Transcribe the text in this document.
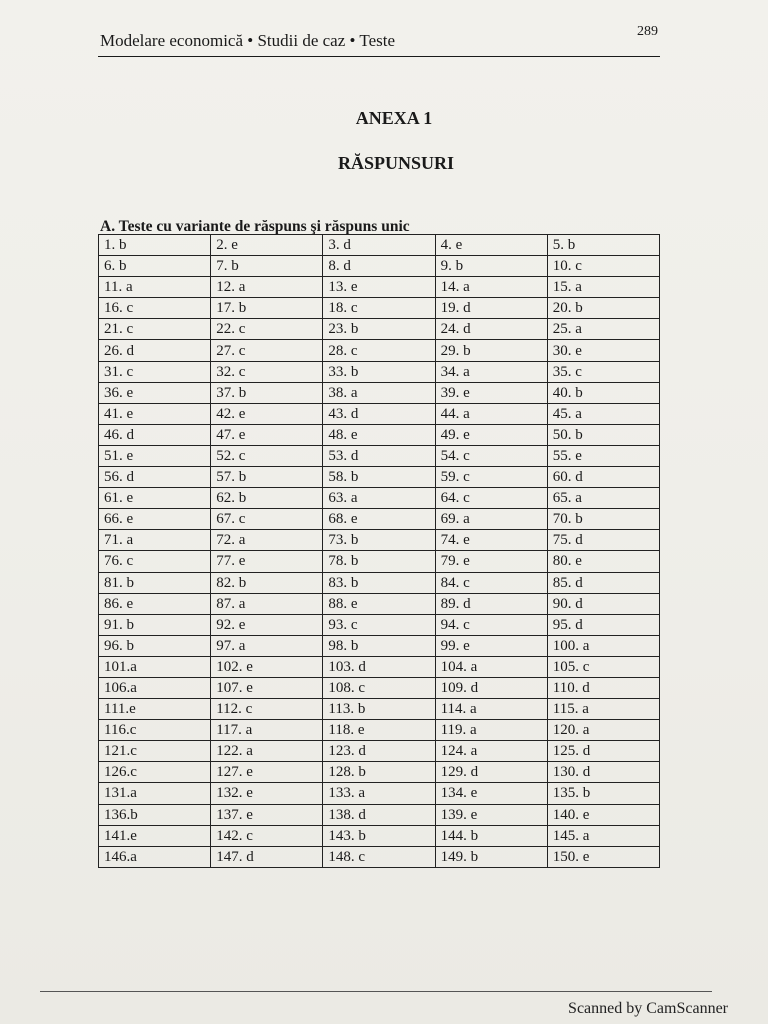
Modelare economică • Studii de caz • Teste	289
ANEXA 1
RĂSPUNSURI
A. Teste cu variante de răspuns şi răspuns unic
1. b	2. e	3. d	4. e	5. b
6. b	7. b	8. d	9. b	10. c
11. a	12. a	13. e	14. a	15. a
16. c	17. b	18. c	19. d	20. b
21. c	22. c	23. b	24. d	25. a
26. d	27. c	28. c	29. b	30. e
31. c	32. c	33. b	34. a	35. c
36. e	37. b	38. a	39. e	40. b
41. e	42. e	43. d	44. a	45. a
46. d	47. e	48. e	49. e	50. b
51. e	52. c	53. d	54. c	55. e
56. d	57. b	58. b	59. c	60. d
61. e	62. b	63. a	64. c	65. a
66. e	67. c	68. e	69. a	70. b
71. a	72. a	73. b	74. e	75. d
76. c	77. e	78. b	79. e	80. e
81. b	82. b	83. b	84. c	85. d
86. e	87. a	88. e	89. d	90. d
91. b	92. e	93. c	94. c	95. d
96. b	97. a	98. b	99. e	100. a
101.a	102. e	103. d	104. a	105. c
106.a	107. e	108. c	109. d	110. d
111.e	112. c	113. b	114. a	115. a
116.c	117. a	118. e	119. a	120. a
121.c	122. a	123. d	124. a	125. d
126.c	127. e	128. b	129. d	130. d
131.a	132. e	133. a	134. e	135. b
136.b	137. e	138. d	139. e	140. e
141.e	142. c	143. b	144. b	145. a
146.a	147. d	148. c	149. b	150. e
Scanned by CamScanner
